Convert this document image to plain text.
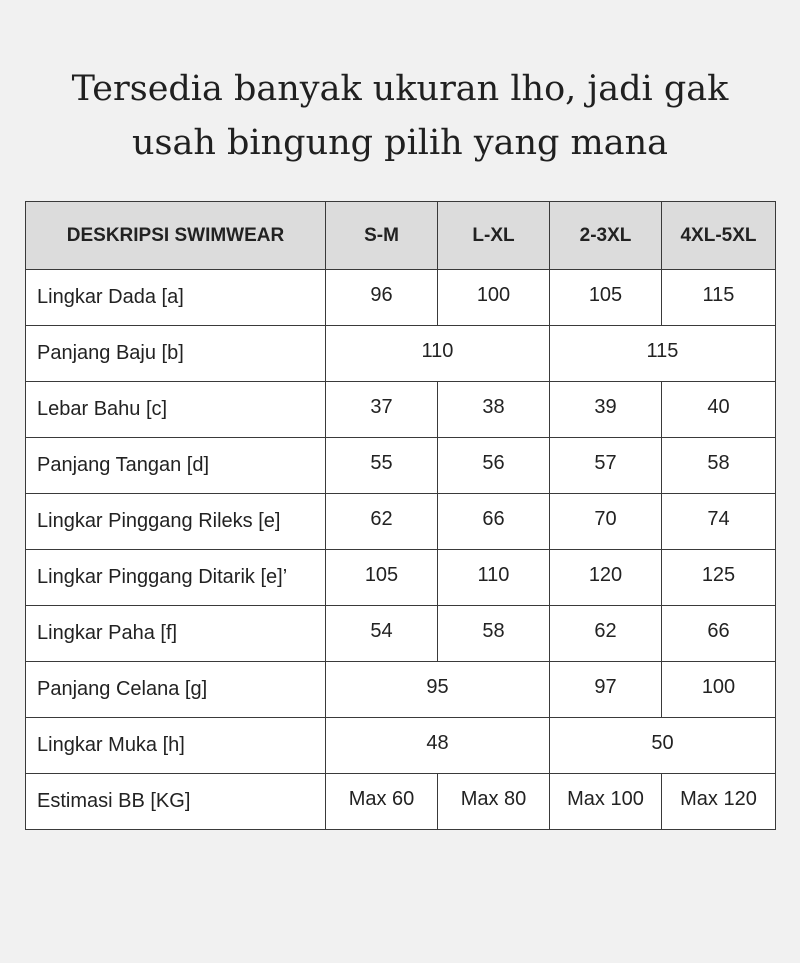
Tersedia banyak ukuran lho, jadi gak
usah bingung pilih yang mana
DESKRIPSI SWIMWEAR	S-M	L-XL	2-3XL	4XL-5XL
Lingkar Dada [a]	96	100	105	115
Panjang Baju [b]	110		115	
Lebar Bahu [c]	37	38	39	40
Panjang Tangan [d]	55	56	57	58
Lingkar Pinggang Rileks [e]	62	66	70	74
Lingkar Pinggang Ditarik [e]’	105	110	120	125
Lingkar Paha [f]	54	58	62	66
Panjang Celana [g]	95		97	100
Lingkar Muka [h]	48		50	
Estimasi BB [KG]	Max 60	Max 80	Max 100	Max 120
